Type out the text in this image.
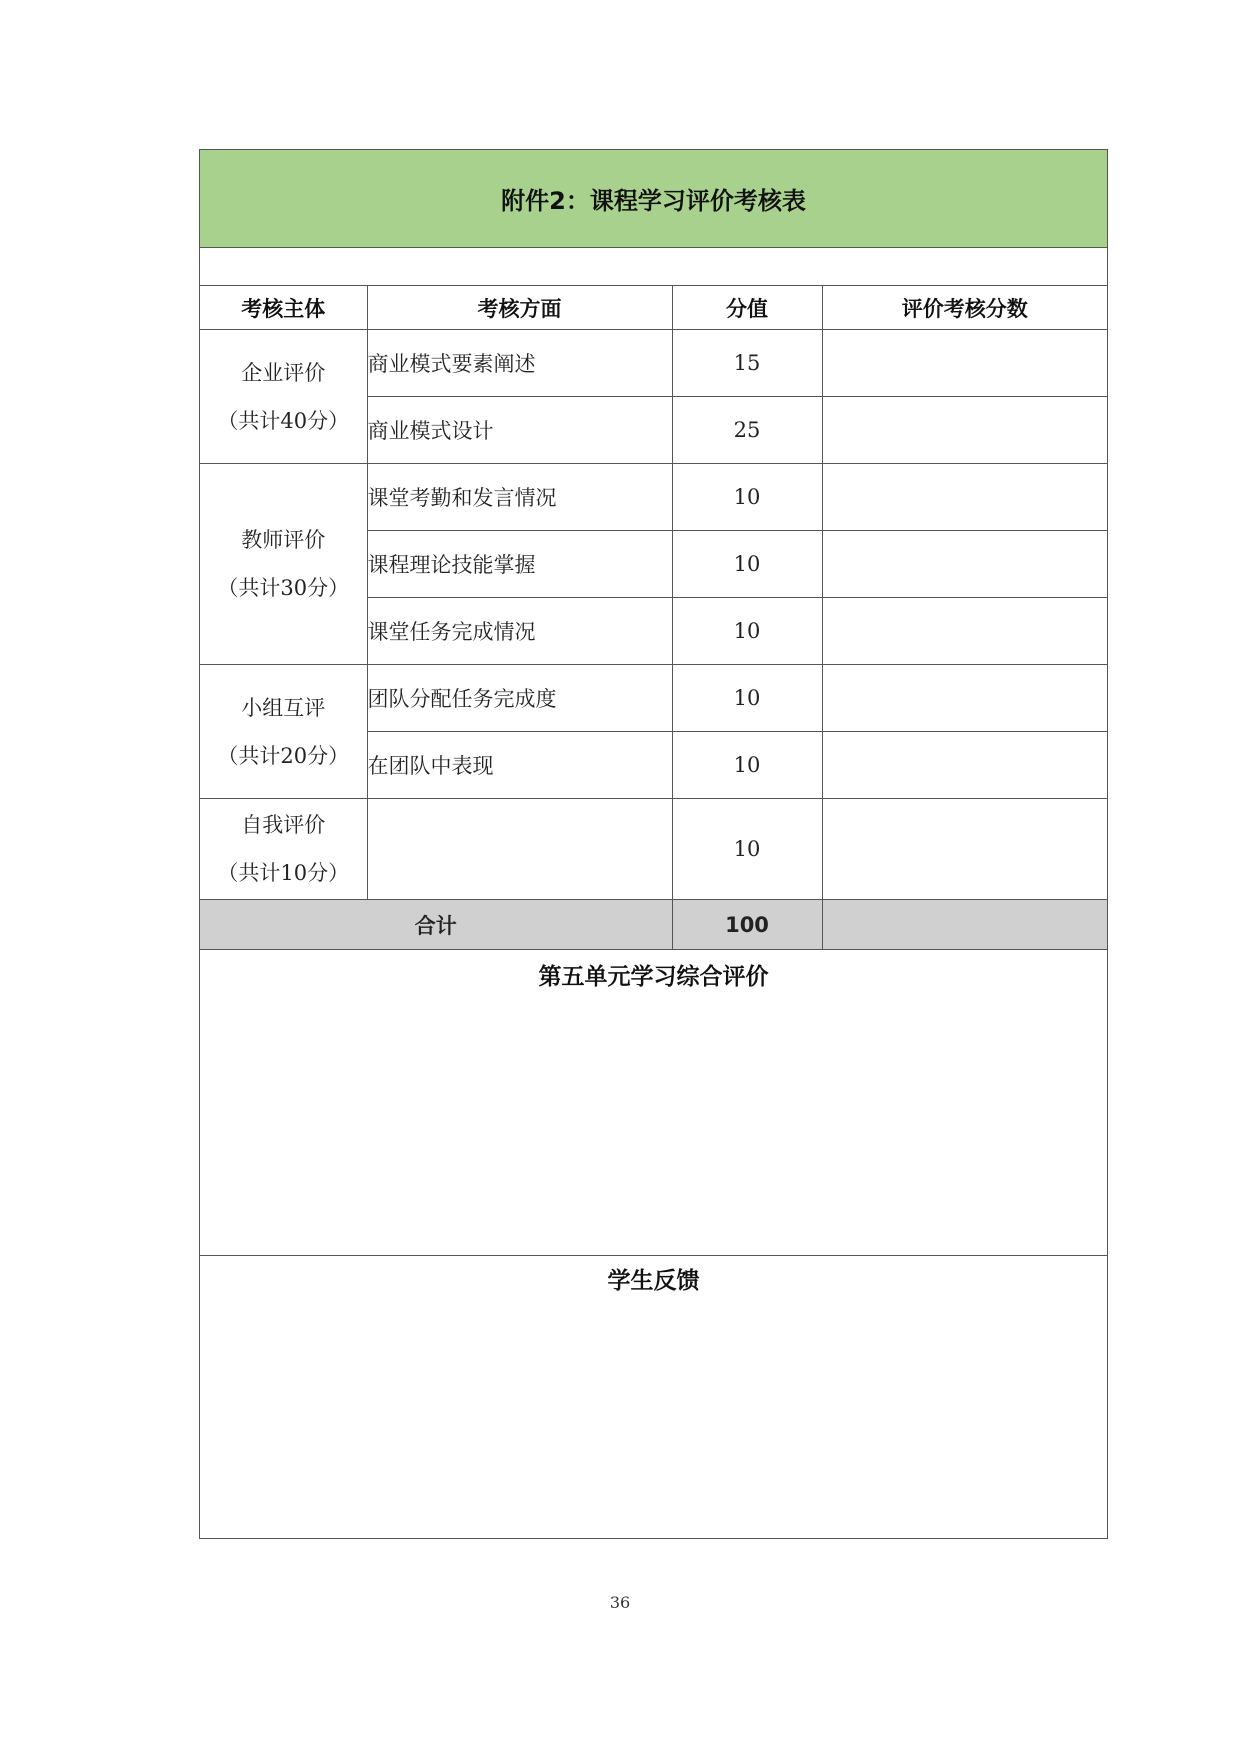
附件2：课程学习评价考核表
考核主体	考核方面	分值	评价考核分数

企业评价
（共计40分）	商业模式要素阐述	15	
	商业模式设计	25	

教师评价
（共计30分）	课堂考勤和发言情况	10	
	课程理论技能掌握	10	
	课堂任务完成情况	10	

小组互评
（共计20分）	团队分配任务完成度	10	
	在团队中表现	10	

自我评价
（共计10分）		10	
合计		100	
第五单元学习综合评价
学生反馈
36
